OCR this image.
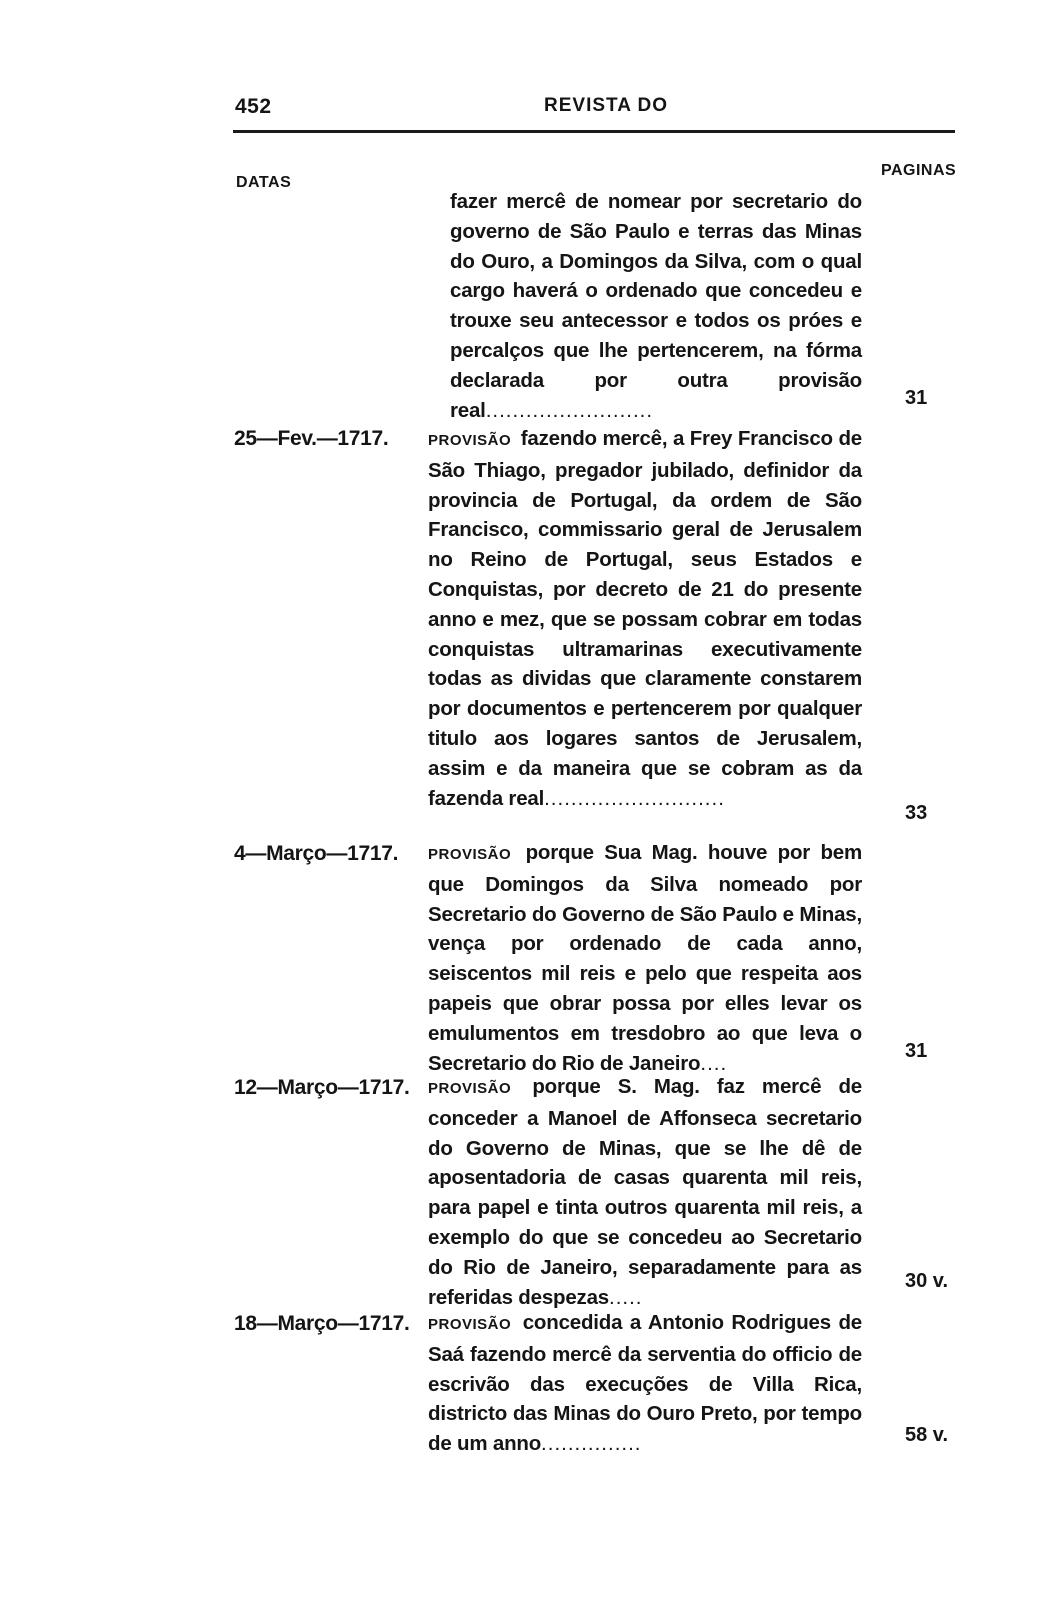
452	REVISTA DO
DATAS
PAGINAS
fazer mercê de nomear por secretario do governo de São Paulo e terras das Minas do Ouro, a Domingos da Silva, com o qual cargo haverá o ordenado que concedeu e trouxe seu antecessor e todos os próes e percalços que lhe pertencerem, na fórma declarada por outra provisão real.........................
31
25—Fev.—1717.	PROVISÃO fazendo mercê, a Frey Francisco de São Thiago, pregador jubilado, definidor da provincia de Portugal, da ordem de São Francisco, commissario geral de Jerusalem no Reino de Portugal, seus Estados e Conquistas, por decreto de 21 do presente anno e mez, que se possam cobrar em todas conquistas ultramarinas executivamente todas as dividas que claramente constarem por documentos e pertencerem por qualquer titulo aos logares santos de Jerusalem, assim e da maneira que se cobram as da fazenda real...........................
33
4—Março—1717. PROVISÃO porque Sua Mag. houve por bem que Domingos da Silva nomeado por Secretario do Governo de São Paulo e Minas, vença por ordenado de cada anno, seiscentos mil reis e pelo que respeita aos papeis que obrar possa por elles levar os emulumentos em tresdobro ao que leva o Secretario do Rio de Janeiro....
31
12—Março—1717. PROVISÃO porque S. Mag. faz mercê de conceder a Manoel de Affonseca secretario do Governo de Minas, que se lhe dê de aposentadoria de casas quarenta mil reis, para papel e tinta outros quarenta mil reis, a exemplo do que se concedeu ao Secretario do Rio de Janeiro, separadamente para as referidas despezas.....
30 v.
18—Março—1717. PROVISÃO concedida a Antonio Rodrigues de Saá fazendo mercê da serventia do officio de escrivão das execuções de Villa Rica, districto das Minas do Ouro Preto, por tempo de um anno...............	58 v.
